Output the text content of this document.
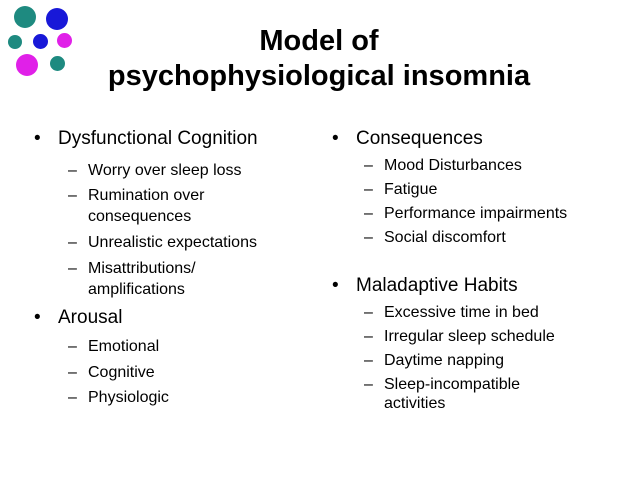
Model of
psychophysiological insomnia
• Dysfunctional Cognition
– Worry over sleep loss
– Rumination over
consequences
– Unrealistic expectations
– Misattributions/
amplifications
• Arousal
– Emotional
– Cognitive
– Physiologic
• Consequences
– Mood Disturbances
– Fatigue
– Performance impairments
– Social discomfort
• Maladaptive Habits
– Excessive time in bed
– Irregular sleep schedule
– Daytime napping
– Sleep-incompatible
activities
